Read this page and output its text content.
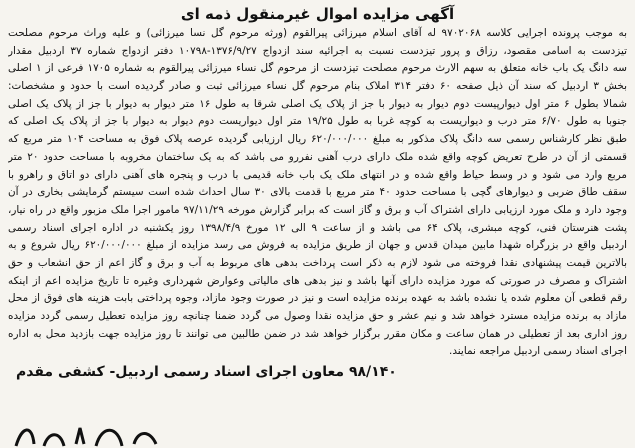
آگهی مزایده اموال غیرمنقول ذمه ای
به موجب پرونده اجرایی کلاسه ۹۷۰۲۰۶۸ له آقای اسلام میرزائی پیرالقوم (ورثه مرحوم گل نسا میرزائی) و علیه وراث مرحوم مصلحت
تیزدست به اسامی مقصود، رزاق و پرور تیزدست نسبت به اجرائیه سند ازدواج ۱۳۷۶/۹/۲۷-۱۰۷۹۸ دفتر ازدواج شماره ۳۷ اردبیل مقدار
سه دانگ یک باب خانه متعلق به سهم الارث مرحوم مصلحت تیزدست از مرحوم گل نساء میرزائی پیرالقوم به شماره ۱۷۰۵ فرعی از ۱ اصلی
بخش ۳ اردبیل که سند آن ذیل صفحه ۶۰ دفتر ۳۱۴ املاک بنام مرحوم گل نساء میرزائی ثبت و صادر گردیده است با حدود و مشخصات:
شمالا بطول ۶ متر اول دیوارپیست دوم دیوار به دیوار با جز از پلاک یک اصلی شرقا به طول ۱۶ متر دیوار به دیوار با جز از پلاک یک اصلی
جنوبا به طول ۶/۷۰ متر درب و دیواریست به کوچه غربا به طول ۱۹/۲۵ متر اول دیواریست دوم دیوار به دیوار با جز از پلاک یک اصلی که
طبق نظر کارشناس رسمی سه دانگ پلاک مذکور به مبلغ ۶۲۰/۰۰۰/۰۰۰ ریال ارزیابی گردیده عرصه پلاک فوق به مساحت ۱۰۴ متر مربع که
قسمتی از آن در طرح تعریض کوچه واقع شده ملک دارای درب آهنی نفررو می باشد که به یک ساختمان مخروبه با مساحت حدود ۲۰ متر
مربع وارد می شود و در وسط حیاط واقع شده و در انتهای ملک یک باب خانه قدیمی با درب و پنجره های آهنی دارای دو اتاق و راهرو با
سقف طاق ضربی و دیوارهای گچی با مساحت حدود ۴۰ متر مربع با قدمت بالای ۳۰ سال احداث شده است سیستم گرمایشی بخاری در آن
وجود دارد و ملک مورد ارزیابی دارای اشتراک آب و برق و گاز است که برابر گزارش مورخه ۹۷/۱۱/۲۹ مامور اجرا ملک مزبور واقع در راه نیار،
پشت هنرستان فنی، کوچه مبشری، پلاک ۶۴ می باشد و از ساعت ۹ الی ۱۲ مورخ ۱۳۹۸/۴/۹ روز یکشنبه در اداره اجرای اسناد رسمی
اردبیل واقع در بزرگراه شهدا مابین میدان قدس و جهان از طریق مزایده به فروش می رسد مزایده از مبلغ ۶۲۰/۰۰۰/۰۰۰ ریال شروع و به
بالاترین قیمت پیشنهادی نقدا فروخته می شود لازم به ذکر است پرداخت بدهی های مربوط به آب و برق و گاز اعم از حق انشعاب و حق
اشتراک و مصرف در صورتی که مورد مزایده دارای آنها باشد و نیز بدهی های مالیاتی وعوارض شهرداری وغیره تا تاریخ مزایده اعم از اینکه
رقم قطعی آن معلوم شده یا نشده باشد به عهده برنده مزایده است و نیز در صورت وجود مازاد، وجوه پرداختی بابت هزینه های فوق از محل
مازاد به برنده مزایده مسترد خواهد شد و نیم عشر و حق مزایده نقدا وصول می گردد ضمنا چنانچه روز مزایده تعطیل رسمی گردد مزایده
روز اداری بعد از تعطیلی در همان ساعت و مکان مقرر برگزار خواهد شد در ضمن طالبین می توانند تا روز مزایده جهت بازدید محل به اداره
اجرای اسناد رسمی اردبیل مراجعه نمایند.
۹۸/۱۴۰ معاون اجرای اسناد رسمی اردبیل- کشفی مقدم
